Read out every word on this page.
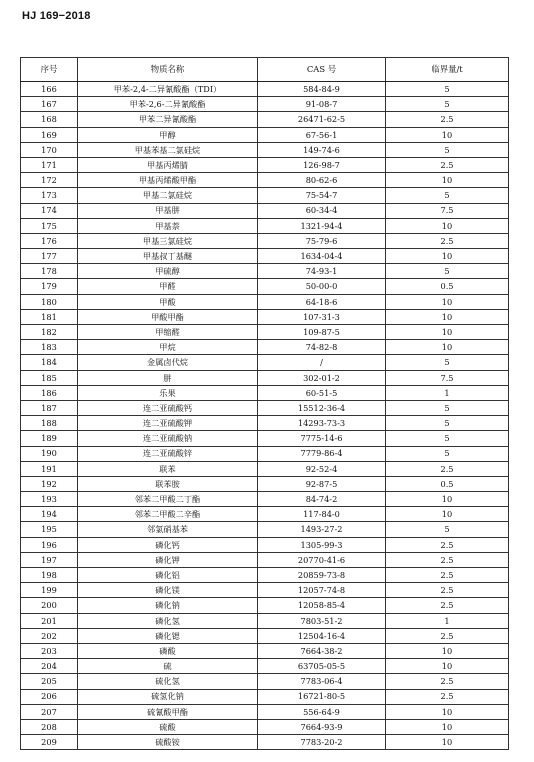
HJ 169−2018
序号	物质名称	CAS 号	临界量/t
166	甲苯-2,4-二异氰酸酯（TDI）	584-84-9	5
167	甲苯-2,6-二异氰酸酯	91-08-7	5
168	甲苯二异氰酸酯	26471-62-5	2.5
169	甲醇	67-56-1	10
170	甲基苯基二氯硅烷	149-74-6	5
171	甲基丙烯腈	126-98-7	2.5
172	甲基丙烯酸甲酯	80-62-6	10
173	甲基二氯硅烷	75-54-7	5
174	甲基肼	60-34-4	7.5
175	甲基萘	1321-94-4	10
176	甲基三氯硅烷	75-79-6	2.5
177	甲基叔丁基醚	1634-04-4	10
178	甲硫醇	74-93-1	5
179	甲醛	50-00-0	0.5
180	甲酸	64-18-6	10
181	甲酸甲酯	107-31-3	10
182	甲缩醛	109-87-5	10
183	甲烷	74-82-8	10
184	金属卤代烷	/	5
185	肼	302-01-2	7.5
186	乐果	60-51-5	1
187	连二亚硫酸钙	15512-36-4	5
188	连二亚硫酸钾	14293-73-3	5
189	连二亚硫酸钠	7775-14-6	5
190	连二亚硫酸锌	7779-86-4	5
191	联苯	92-52-4	2.5
192	联苯胺	92-87-5	0.5
193	邻苯二甲酸二丁酯	84-74-2	10
194	邻苯二甲酸二辛酯	117-84-0	10
195	邻氯硝基苯	1493-27-2	5
196	磷化钙	1305-99-3	2.5
197	磷化钾	20770-41-6	2.5
198	磷化铝	20859-73-8	2.5
199	磷化镁	12057-74-8	2.5
200	磷化钠	12058-85-4	2.5
201	磷化氢	7803-51-2	1
202	磷化锶	12504-16-4	2.5
203	磷酸	7664-38-2	10
204	硫	63705-05-5	10
205	硫化氢	7783-06-4	2.5
206	硫氢化钠	16721-80-5	2.5
207	硫氰酸甲酯	556-64-9	10
208	硫酸	7664-93-9	10
209	硫酸铵	7783-20-2	10
